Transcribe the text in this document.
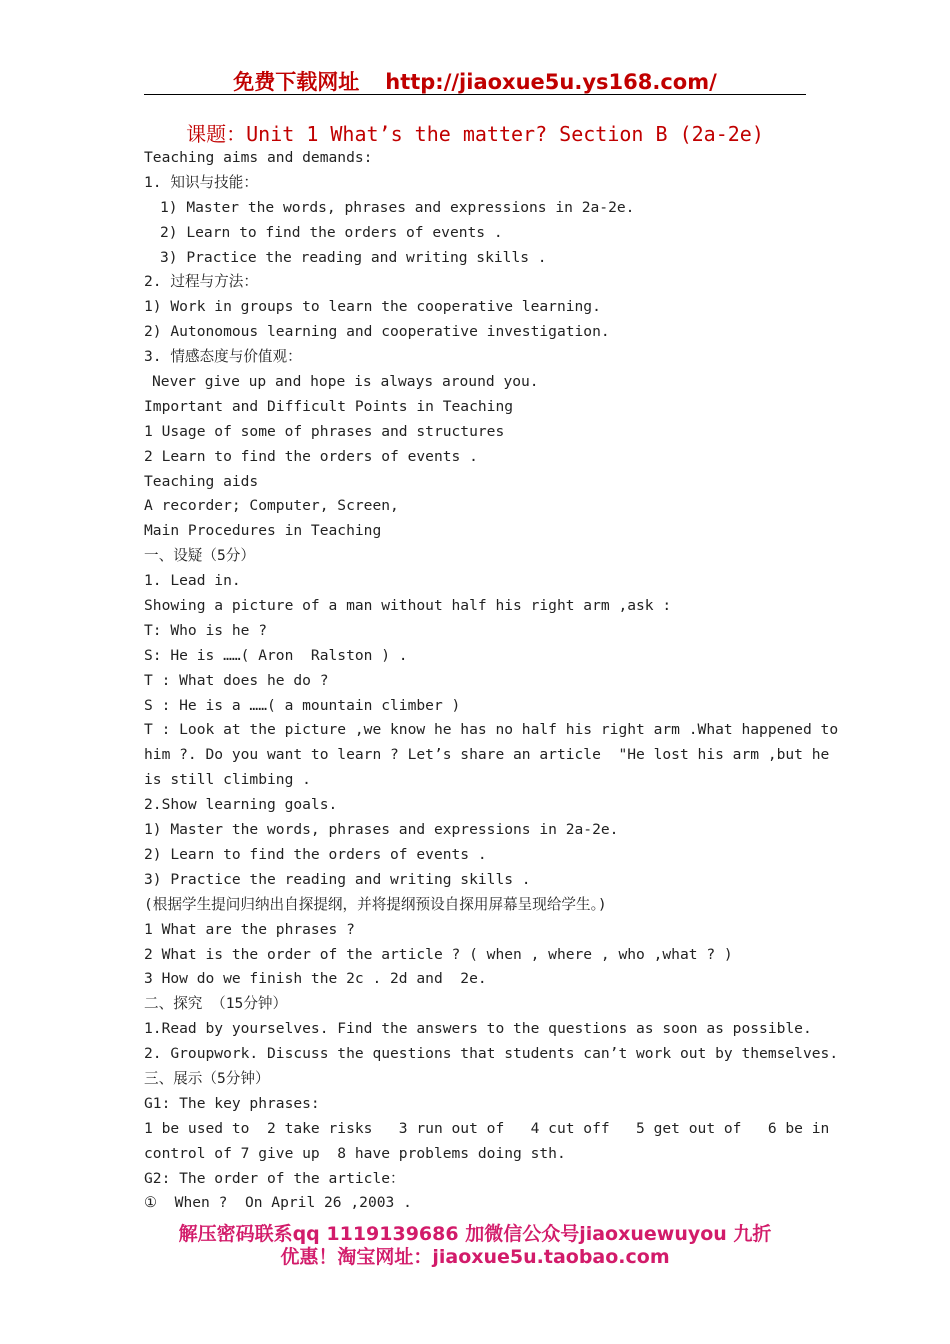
免费下载网址 http://jiaoxue5u.ys168.com/
课题：Unit 1 What’s the matter? Section B (2a-2e)
Teaching aims and demands:
1. 知识与技能：
1) Master the words, phrases and expressions in 2a-2e.
2) Learn to find the orders of events .
3) Practice the reading and writing skills .
2. 过程与方法：
1) Work in groups to learn the cooperative learning.
2) Autonomous learning and cooperative investigation.
3. 情感态度与价值观：
Never give up and hope is always around you.
Important and Difficult Points in Teaching
1 Usage of some of phrases and structures
2 Learn to find the orders of events .
Teaching aids
A recorder; Computer, Screen,
Main Procedures in Teaching
一、设疑（5分）
1. Lead in.
Showing a picture of a man without half his right arm ,ask :
T: Who is he ?
S: He is ……( Aron  Ralston ) .
T : What does he do ?
S : He is a ……( a mountain climber )
T : Look at the picture ,we know he has no half his right arm .What happened to
him ?. Do you want to learn ? Let’s share an article  "He lost his arm ,but he
is still climbing .
2.Show learning goals.
1) Master the words, phrases and expressions in 2a-2e.
2) Learn to find the orders of events .
3) Practice the reading and writing skills .
(根据学生提问归纳出自探提纲，并将提纲预设自探用屏幕呈现给学生。)
1 What are the phrases ?
2 What is the order of the article ? ( when , where , who ,what ? )
3 How do we finish the 2c . 2d and  2e.
二、探究 （15分钟）
1.Read by yourselves. Find the answers to the questions as soon as possible.
2. Groupwork. Discuss the questions that students can’t work out by themselves.
三、展示（5分钟）
G1: The key phrases:
1 be used to  2 take risks   3 run out of   4 cut off   5 get out of   6 be in
control of 7 give up  8 have problems doing sth.
G2: The order of the article：
①  When ?  On April 26 ,2003 .
解压密码联系qq 1119139686 加微信公众号jiaoxuewuyou 九折
优惠！淘宝网址：jiaoxue5u.taobao.com
